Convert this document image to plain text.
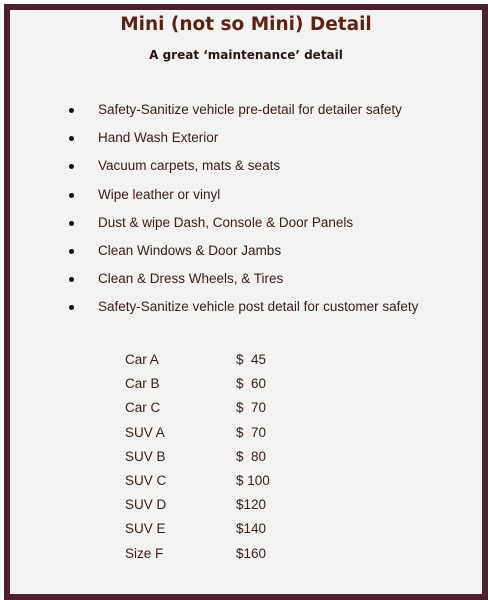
Mini (not so Mini) Detail
A great ‘maintenance’ detail
Safety-Sanitize vehicle pre-detail for detailer safety
Hand Wash Exterior
Vacuum carpets, mats & seats
Wipe leather or vinyl
Dust & wipe Dash, Console & Door Panels
Clean Windows & Door Jambs
Clean & Dress Wheels, & Tires
Safety-Sanitize vehicle post detail for customer safety
Car A	$  45
Car B	$  60
Car C	$  70
SUV A	$  70
SUV B	$  80
SUV C	$ 100
SUV D	$120
SUV E	$140
Size F	$160
